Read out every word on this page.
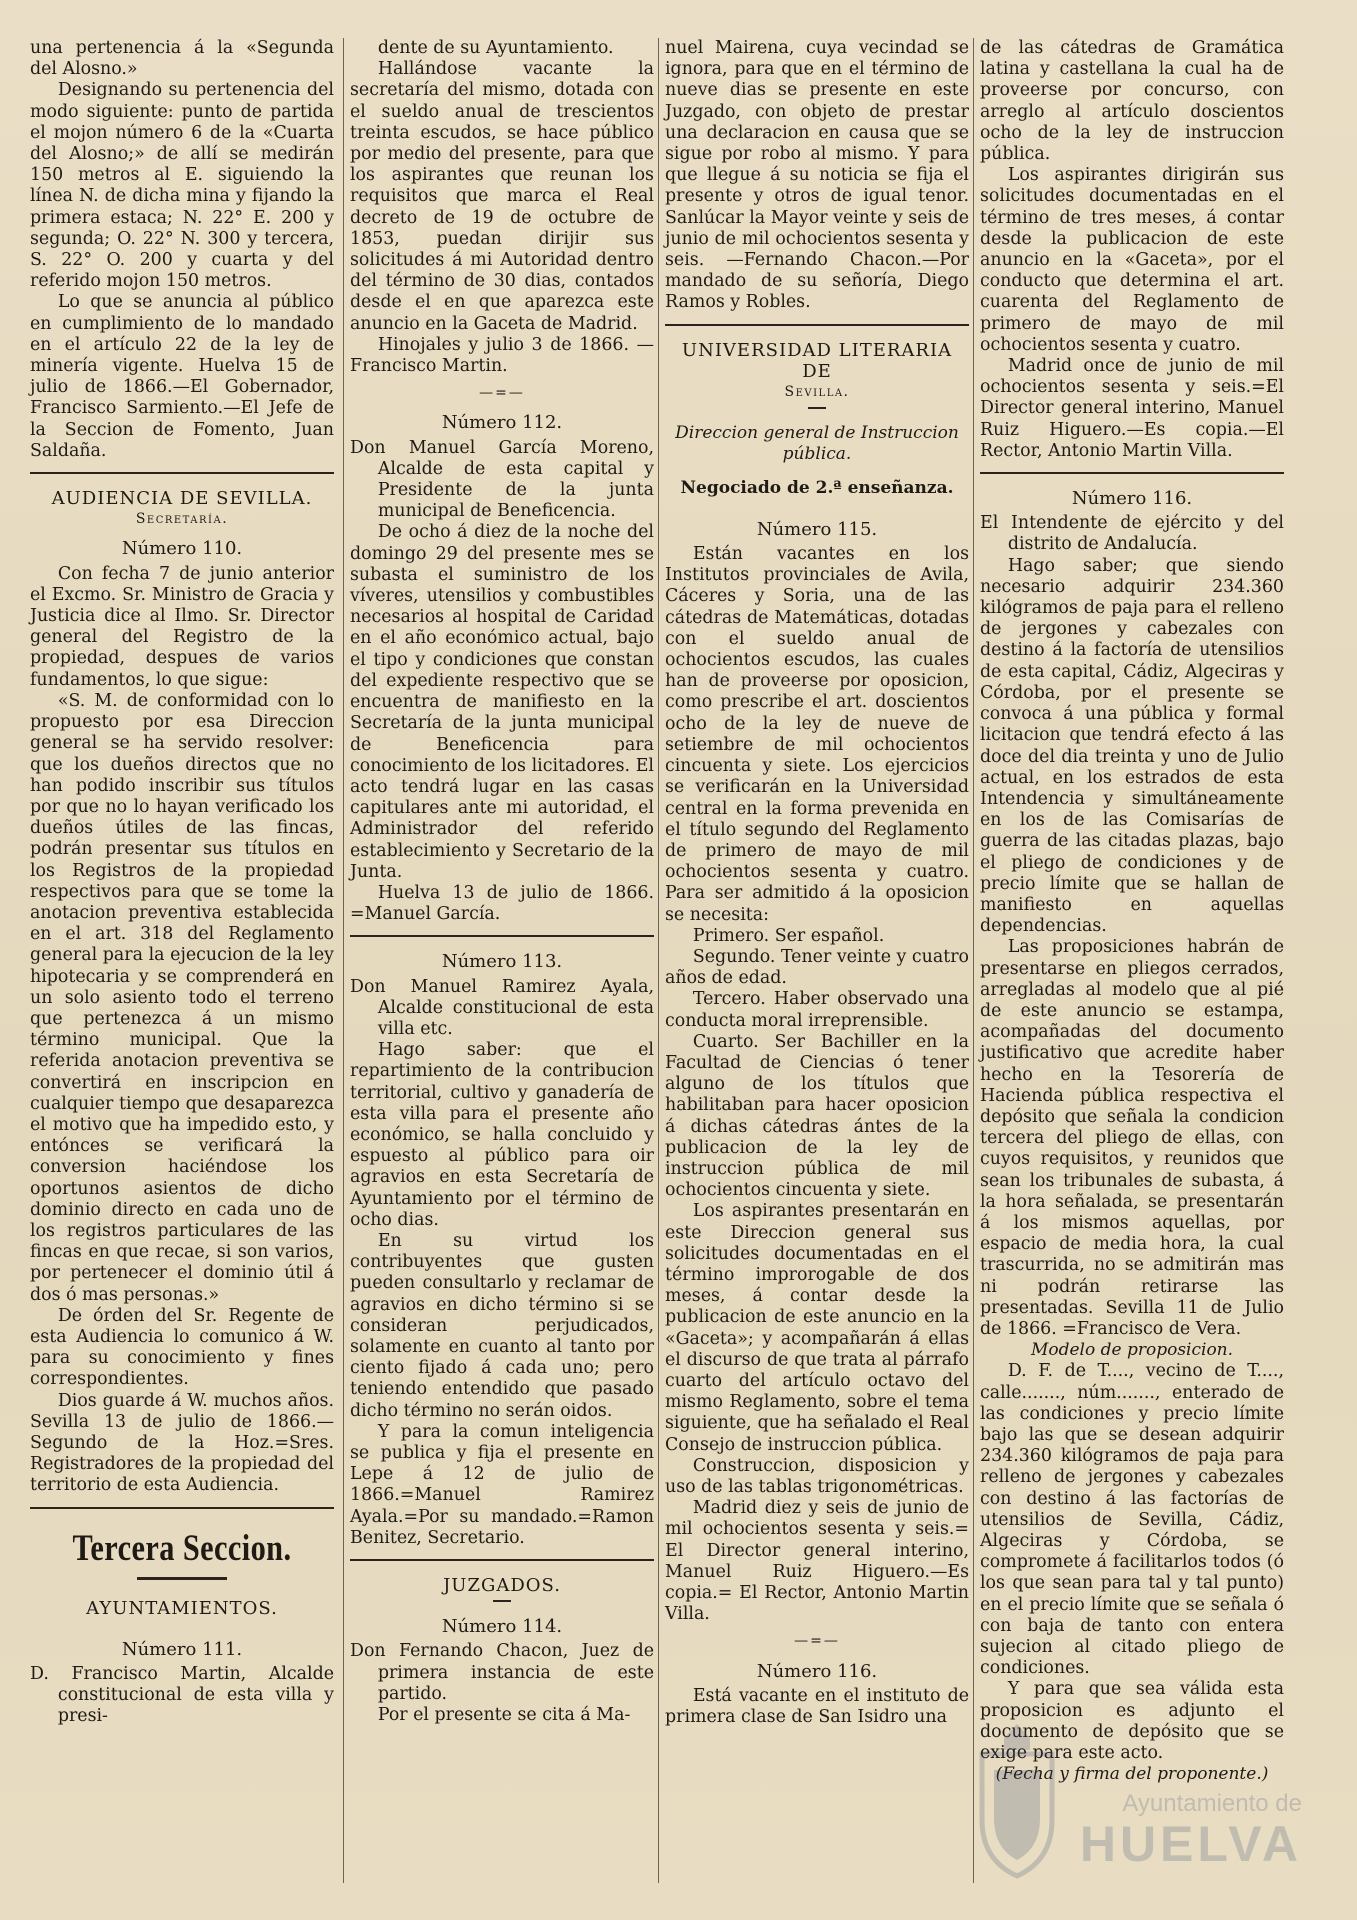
una pertenencia á la «Segunda del Alosno.»

Designando su pertenencia del modo siguiente: punto de partida el mojon número 6 de la «Cuarta del Alosno;» de allí se medirán 150 metros al E. siguiendo la línea N. de dicha mina y fijando la primera estaca; N. 22° E. 200 y segunda; O. 22° N. 300 y tercera, S. 22° O. 200 y cuarta y del referido mojon 150 metros.

Lo que se anuncia al público en cumplimiento de lo mandado en el artículo 22 de la ley de minería vigente. Huelva 15 de julio de 1866.—El Gobernador, Francisco Sarmiento.—El Jefe de la Seccion de Fomento, Juan Saldaña.

AUDIENCIA DE SEVILLA.

Secretaría.

Número 110.

Con fecha 7 de junio anterior el Excmo. Sr. Ministro de Gracia y Justicia dice al Ilmo. Sr. Director general del Registro de la propiedad, despues de varios fundamentos, lo que sigue:

«S. M. de conformidad con lo propuesto por esa Direccion general se ha servido resolver: que los dueños directos que no han podido inscribir sus títulos por que no lo hayan verificado los dueños útiles de las fincas, podrán presentar sus títulos en los Registros de la propiedad respectivos para que se tome la anotacion preventiva establecida en el art. 318 del Reglamento general para la ejecucion de la ley hipotecaria y se comprenderá en un solo asiento todo el terreno que pertenezca á un mismo término municipal. Que la referida anotacion preventiva se convertirá en inscripcion en cualquier tiempo que desaparezca el motivo que ha impedido esto, y entónces se verificará la conversion haciéndose los oportunos asientos de dicho dominio directo en cada uno de los registros particulares de las fincas en que recae, si son varios, por pertenecer el dominio útil á dos ó mas personas.»

De órden del Sr. Regente de esta Audiencia lo comunico á W. para su conocimiento y fines correspondientes.

Dios guarde á W. muchos años. Sevilla 13 de julio de 1866.—Segundo de la Hoz.=Sres. Registradores de la propiedad del territorio de esta Audiencia.

Tercera Seccion.

AYUNTAMIENTOS.

Número 111.

D. Francisco Martin, Alcalde constitucional de esta villa y presi-

dente de su Ayuntamiento.

Hallándose vacante la secretaría del mismo, dotada con el sueldo anual de trescientos treinta escudos, se hace público por medio del presente, para que los aspirantes que reunan los requisitos que marca el Real decreto de 19 de octubre de 1853, puedan dirijir sus solicitudes á mi Autoridad dentro del término de 30 dias, contados desde el en que aparezca este anuncio en la Gaceta de Madrid.

Hinojales y julio 3 de 1866. —Francisco Martin.

—=—

Número 112.

Don Manuel García Moreno, Alcalde de esta capital y Presidente de la junta municipal de Beneficencia.

De ocho á diez de la noche del domingo 29 del presente mes se subasta el suministro de los víveres, utensilios y combustibles necesarios al hospital de Caridad en el año económico actual, bajo el tipo y condiciones que constan del expediente respectivo que se encuentra de manifiesto en la Secretaría de la junta municipal de Beneficencia para conocimiento de los licitadores. El acto tendrá lugar en las casas capitulares ante mi autoridad, el Administrador del referido establecimiento y Secretario de la Junta.

Huelva 13 de julio de 1866. =Manuel García.

Número 113.

Don Manuel Ramirez Ayala, Alcalde constitucional de esta villa etc.

Hago saber: que el repartimiento de la contribucion territorial, cultivo y ganadería de esta villa para el presente año económico, se halla concluido y espuesto al público para oir agravios en esta Secretaría de Ayuntamiento por el término de ocho dias.

En su virtud los contribuyentes que gusten pueden consultarlo y reclamar de agravios en dicho término si se consideran perjudicados, solamente en cuanto al tanto por ciento fijado á cada uno; pero teniendo entendido que pasado dicho término no serán oidos.

Y para la comun inteligencia se publica y fija el presente en Lepe á 12 de julio de 1866.=Manuel Ramirez Ayala.=Por su mandado.=Ramon Benitez, Secretario.

JUZGADOS.

Número 114.

Don Fernando Chacon, Juez de primera instancia de este partido.

Por el presente se cita á Ma-

nuel Mairena, cuya vecindad se ignora, para que en el término de nueve dias se presente en este Juzgado, con objeto de prestar una declaracion en causa que se sigue por robo al mismo. Y para que llegue á su noticia se fija el presente y otros de igual tenor. Sanlúcar la Mayor veinte y seis de junio de mil ochocientos sesenta y seis. —Fernando Chacon.—Por mandado de su señoría, Diego Ramos y Robles.

UNIVERSIDAD LITERARIA DE

Sevilla.

Direccion general de Instruccion pública.

Negociado de 2.ª enseñanza.

Número 115.

Están vacantes en los Institutos provinciales de Avila, Cáceres y Soria, una de las cátedras de Matemáticas, dotadas con el sueldo anual de ochocientos escudos, las cuales han de proveerse por oposicion, como prescribe el art. doscientos ocho de la ley de nueve de setiembre de mil ochocientos cincuenta y siete. Los ejercicios se verificarán en la Universidad central en la forma prevenida en el título segundo del Reglamento de primero de mayo de mil ochocientos sesenta y cuatro. Para ser admitido á la oposicion se necesita:

Primero. Ser español.

Segundo. Tener veinte y cuatro años de edad.

Tercero. Haber observado una conducta moral irreprensible.

Cuarto. Ser Bachiller en la Facultad de Ciencias ó tener alguno de los títulos que habilitaban para hacer oposicion á dichas cátedras ántes de la publicacion de la ley de instruccion pública de mil ochocientos cincuenta y siete.

Los aspirantes presentarán en este Direccion general sus solicitudes documentadas en el término improrogable de dos meses, á contar desde la publicacion de este anuncio en la «Gaceta»; y acompañarán á ellas el discurso de que trata al párrafo cuarto del artículo octavo del mismo Reglamento, sobre el tema siguiente, que ha señalado el Real Consejo de instruccion pública.

Construccion, disposicion y uso de las tablas trigonométricas.

Madrid diez y seis de junio de mil ochocientos sesenta y seis.= El Director general interino, Manuel Ruiz Higuero.—Es copia.= El Rector, Antonio Martin Villa.

—=—

Número 116.

Está vacante en el instituto de primera clase de San Isidro una

de las cátedras de Gramática latina y castellana la cual ha de proveerse por concurso, con arreglo al artículo doscientos ocho de la ley de instruccion pública.

Los aspirantes dirigirán sus solicitudes documentadas en el término de tres meses, á contar desde la publicacion de este anuncio en la «Gaceta», por el conducto que determina el art. cuarenta del Reglamento de primero de mayo de mil ochocientos sesenta y cuatro.

Madrid once de junio de mil ochocientos sesenta y seis.=El Director general interino, Manuel Ruiz Higuero.—Es copia.—El Rector, Antonio Martin Villa.

Número 116.

El Intendente de ejército y del distrito de Andalucía.

Hago saber; que siendo necesario adquirir 234.360 kilógramos de paja para el relleno de jergones y cabezales con destino á la factoría de utensilios de esta capital, Cádiz, Algeciras y Córdoba, por el presente se convoca á una pública y formal licitacion que tendrá efecto á las doce del dia treinta y uno de Julio actual, en los estrados de esta Intendencia y simultáneamente en los de las Comisarías de guerra de las citadas plazas, bajo el pliego de condiciones y de precio límite que se hallan de manifiesto en aquellas dependencias.

Las proposiciones habrán de presentarse en pliegos cerrados, arregladas al modelo que al pié de este anuncio se estampa, acompañadas del documento justificativo que acredite haber hecho en la Tesorería de Hacienda pública respectiva el depósito que señala la condicion tercera del pliego de ellas, con cuyos requisitos, y reunidos que sean los tribunales de subasta, á la hora señalada, se presentarán á los mismos aquellas, por espacio de media hora, la cual trascurrida, no se admitirán mas ni podrán retirarse las presentadas. Sevilla 11 de Julio de 1866. =Francisco de Vera.

Modelo de proposicion.

D. F. de T...., vecino de T...., calle......., núm......., enterado de las condiciones y precio límite bajo las que se desean adquirir 234.360 kilógramos de paja para relleno de jergones y cabezales con destino á las factorías de utensilios de Sevilla, Cádiz, Algeciras y Córdoba, se compromete á facilitarlos todos (ó los que sean para tal y tal punto) en el precio límite que se señala ó con baja de tanto con entera sujecion al citado pliego de condiciones.

Y para que sea válida esta proposicion es adjunto el documento de depósito que se exige para este acto.

(Fecha y firma del proponente.)

Ayuntamiento de
HUELVA
